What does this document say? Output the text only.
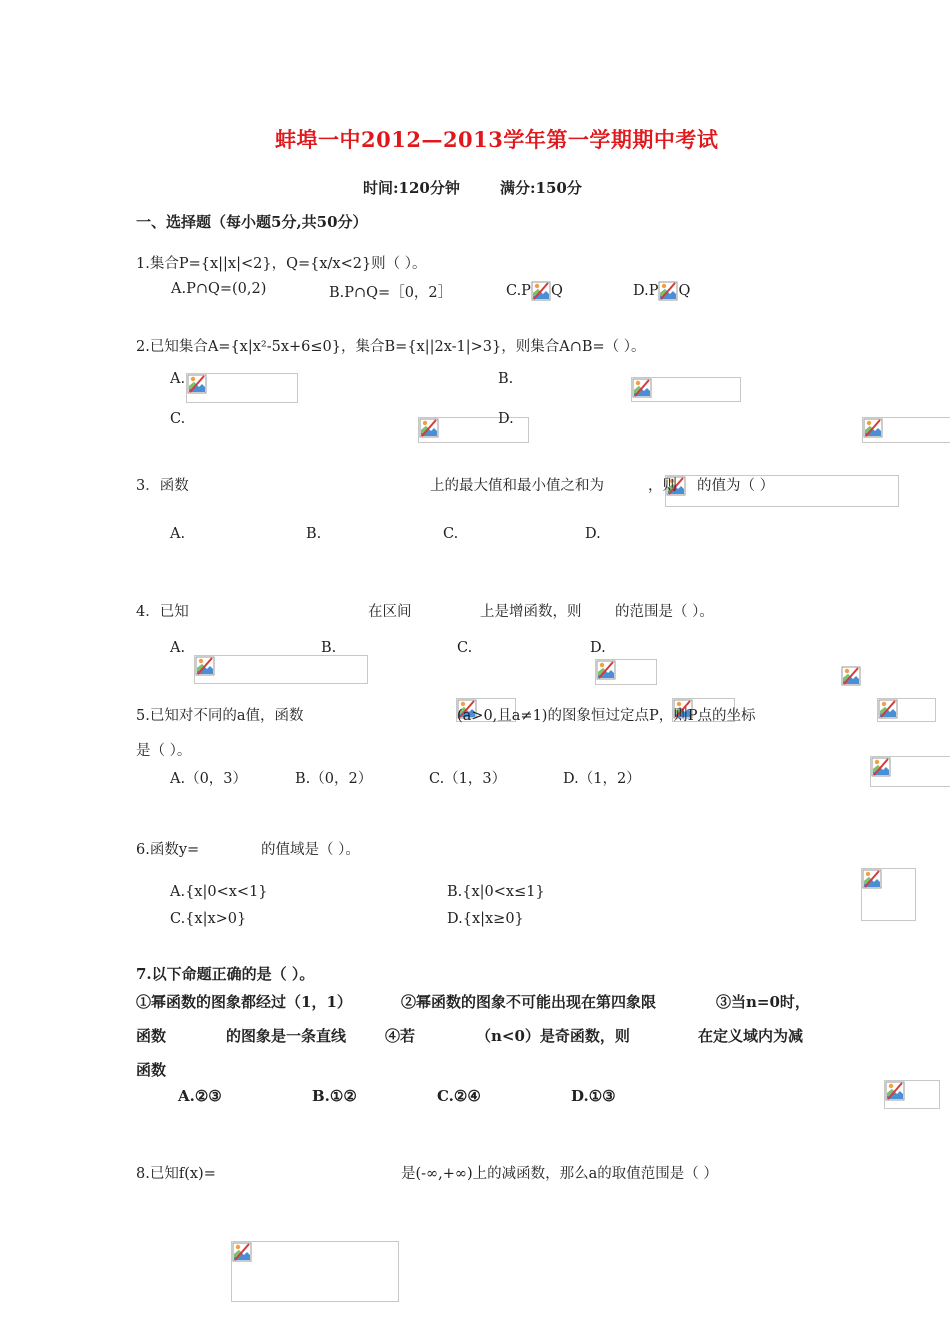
蚌埠一中2012—2013学年第一学期期中考试
时间:120分钟	满分:150分
一、选择题（每小题5分,共50分）
1.集合P={x||x|<2}，Q={x/x<2}则（ ）。
A.P∩Q=(0,2)	B.P∩Q=［0，2］	C.P Q	D.P Q
2.已知集合A={x|x²-5x+6≤0}，集合B={x||2x-1|>3}，则集合A∩B=（ ）。
A.
	B.

C.
	D.

3．函数
	上的最大值和最小值之和为
	，则
的值为（ ）
A.
	B.
	C.
	D.

4．已知
	在区间
	上是增函数，则
的范围是（ ）。
A.
	B.
	C.
	D.

5.已知对不同的a值，函数
	(a>0,且a≠1)的图象恒过定点P，则P点的坐标
是（ ）。
A.（0，3）	B.（0，2）	C.（1，3）	D.（1，2）
6.函数y=
	的值域是（ ）。
A.{x|0<x<1}	B.{x|0<x≤1}
C.{x|x>0}	D.{x|x≥0}
7.以下命题正确的是（ ）。
①幂函数的图象都经过（1，1）	②幂函数的图象不可能出现在第四象限	③当n=0时，
函数
	的图象是一条直线	④若
	（n<0）是奇函数，则
	在定义域内为减
函数
A.②③	B.①②	C.②④	D.①③
8.已知f(x)=	是(-∞,+∞)上的减函数，那么a的取值范围是（ ）
